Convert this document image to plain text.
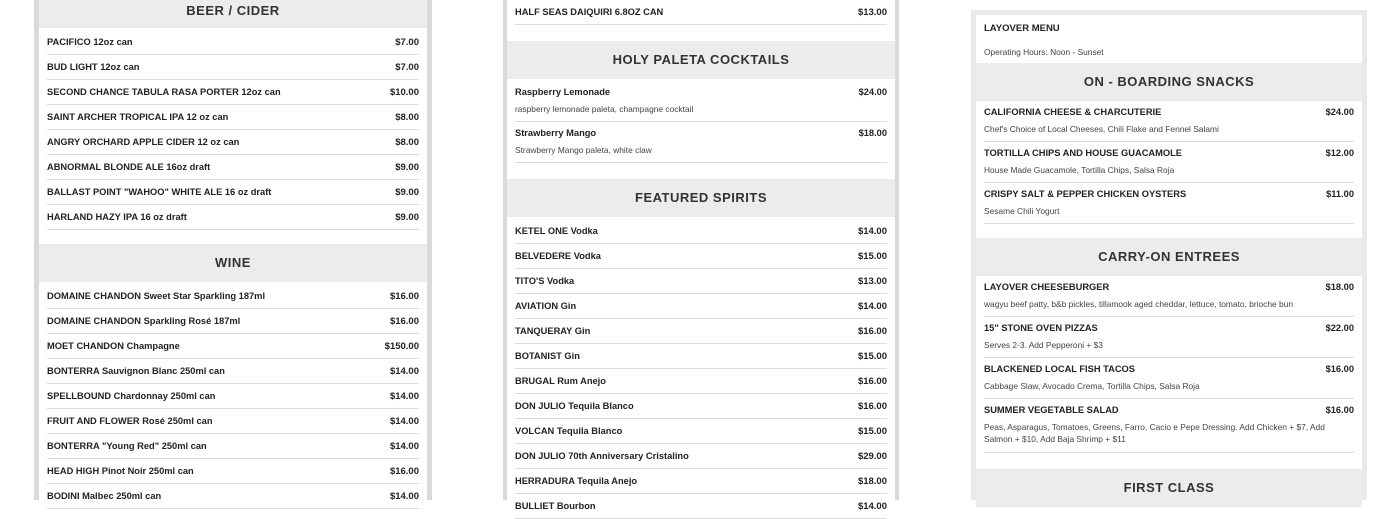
BEER / CIDER
PACIFICO 12oz can	$7.00
BUD LIGHT 12oz can	$7.00
SECOND CHANCE TABULA RASA PORTER 12oz can	$10.00
SAINT ARCHER TROPICAL IPA 12 oz can	$8.00
ANGRY ORCHARD APPLE CIDER 12 oz can	$8.00
ABNORMAL BLONDE ALE 16oz draft	$9.00
BALLAST POINT "WAHOO" WHITE ALE 16 oz draft	$9.00
HARLAND HAZY IPA 16 oz draft	$9.00
WINE
DOMAINE CHANDON Sweet Star Sparkling 187ml	$16.00
DOMAINE CHANDON Sparkling Rosé 187ml	$16.00
MOET CHANDON Champagne	$150.00
BONTERRA Sauvignon Blanc 250ml can	$14.00
SPELLBOUND Chardonnay 250ml can	$14.00
FRUIT AND FLOWER Rosé 250ml can	$14.00
BONTERRA "Young Red" 250ml can	$14.00
HEAD HIGH Pinot Noir 250ml can	$16.00
BODINI Malbec 250ml can	$14.00
HALF SEAS DAIQUIRI 6.8OZ CAN	$13.00
HOLY PALETA COCKTAILS
Raspberry Lemonade	$24.00
raspberry lemonade paleta, champagne cocktail
Strawberry Mango	$18.00
Strawberry Mango paleta, white claw
FEATURED SPIRITS
KETEL ONE Vodka	$14.00
BELVEDERE Vodka	$15.00
TITO'S Vodka	$13.00
AVIATION Gin	$14.00
TANQUERAY Gin	$16.00
BOTANIST Gin	$15.00
BRUGAL Rum Anejo	$16.00
DON JULIO Tequila Blanco	$16.00
VOLCAN Tequila Blanco	$15.00
DON JULIO 70th Anniversary Cristalino	$29.00
HERRADURA Tequila Anejo	$18.00
BULLIET Bourbon	$14.00
LAYOVER MENU
Operating Hours: Noon - Sunset
ON - BOARDING SNACKS
CALIFORNIA CHEESE & CHARCUTERIE	$24.00
Chef's Choice of Local Cheeses, Chili Flake and Fennel Salami
TORTILLA CHIPS AND HOUSE GUACAMOLE	$12.00
House Made Guacamole, Tortilla Chips, Salsa Roja
CRISPY SALT & PEPPER CHICKEN OYSTERS	$11.00
Sesame Chili Yogurt
CARRY-ON ENTREES
LAYOVER CHEESEBURGER	$18.00
wagyu beef patty, b&b pickles, tillamook aged cheddar, lettuce, tomato, brioche bun
15" STONE OVEN PIZZAS	$22.00
Serves 2-3. Add Pepperoni + $3
BLACKENED LOCAL FISH TACOS	$16.00
Cabbage Slaw, Avocado Crema, Tortilla Chips, Salsa Roja
SUMMER VEGETABLE SALAD	$16.00
Peas, Asparagus, Tomatoes, Greens, Farro, Cacio e Pepe Dressing. Add Chicken + $7, Add Salmon + $10, Add Baja Shrimp + $11
FIRST CLASS
